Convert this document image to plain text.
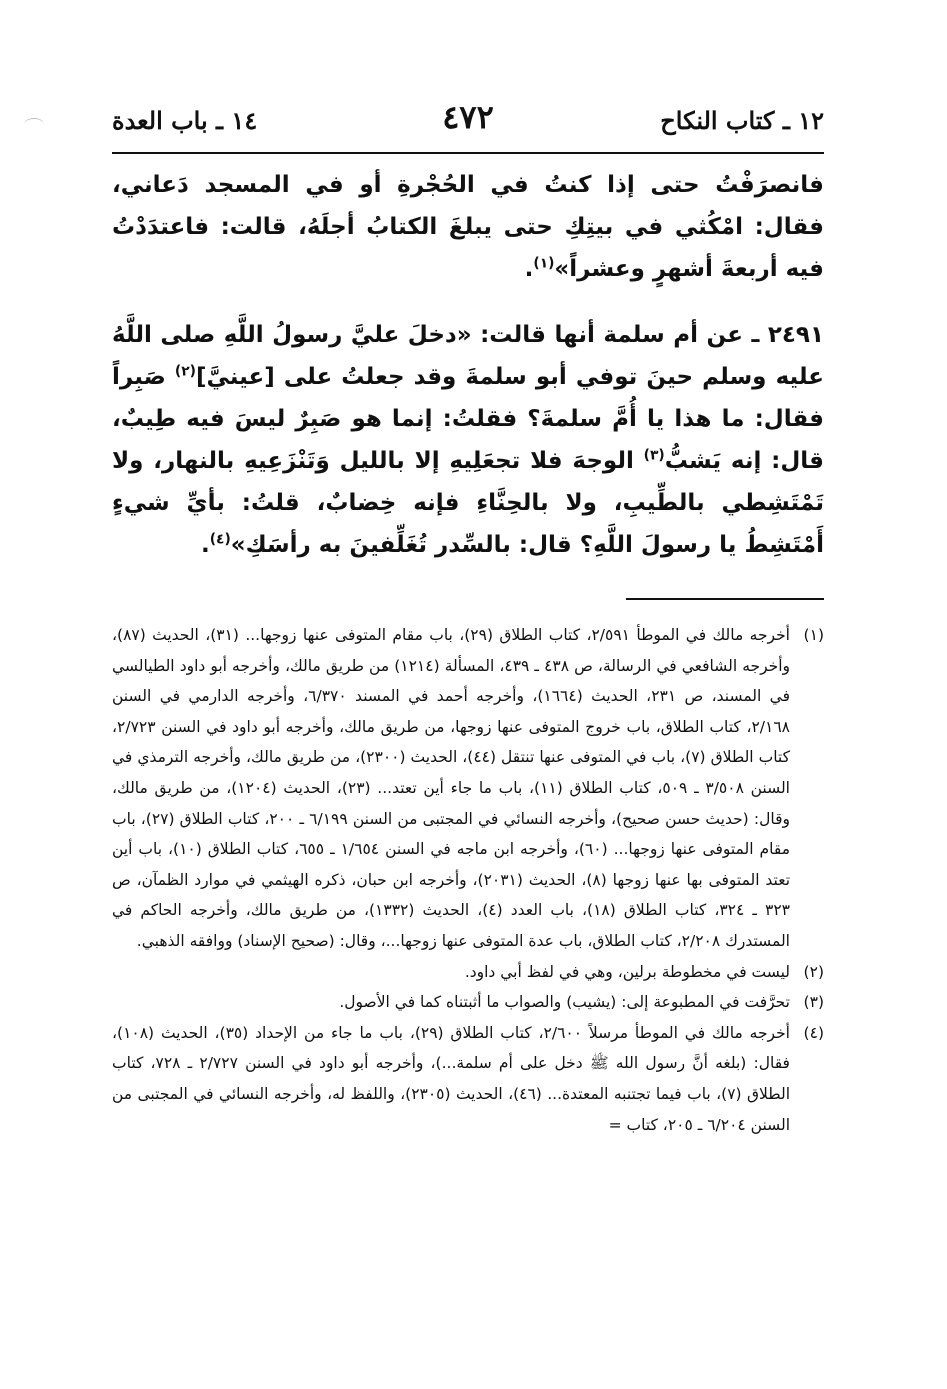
١٢ ـ كتاب النكاح
٤٧٢
١٤ ـ باب العدة

فانصرَفْتُ حتى إذا كنتُ في الحُجْرةِ أو في المسجد دَعاني، فقال: امْكُثي في بيتِكِ حتى يبلغَ الكتابُ أجلَهُ، قالت: فاعتدَدْتُ فيه أربعةَ أشهرٍ وعشراً»$^{(١)}$.

٢٤٩١ ـ عن أم سلمة أنها قالت: «دخلَ عليَّ رسولُ اللَّهِ صلى اللَّهُ عليه وسلم حينَ توفي أبو سلمةَ وقد جعلتُ على [عينيَّ]$^{(٢)}$ صَبِراً فقال: ما هذا يا أُمَّ سلمةَ؟ فقلتُ: إنما هو صَبِرٌ ليسَ فيه طِيبٌ، قال: إنه يَشبُّ$^{(٣)}$ الوجهَ فلا تجعَلِيهِ إلا بالليل وَتَنْزَعِيهِ بالنهار، ولا تَمْتَشِطي بالطِّيبِ، ولا بالحِنَّاءِ فإنه خِضابٌ، قلتُ: بأيِّ شيءٍ أَمْتَشِطُ يا رسولَ اللَّهِ؟ قال: بالسِّدر تُغَلِّفينَ به رأسَكِ»$^{(٤)}$.

(١)
أخرجه مالك في الموطأ ٢/٥٩١، كتاب الطلاق (٢٩)، باب مقام المتوفى عنها زوجها... (٣١)، الحديث (٨٧)، وأخرجه الشافعي في الرسالة، ص ٤٣٨ ـ ٤٣٩، المسألة (١٢١٤) من طريق مالك، وأخرجه أبو داود الطيالسي في المسند، ص ٢٣١، الحديث (١٦٦٤)، وأخرجه أحمد في المسند ٦/٣٧٠، وأخرجه الدارمي في السنن ٢/١٦٨، كتاب الطلاق، باب خروج المتوفى عنها زوجها، من طريق مالك، وأخرجه أبو داود في السنن ٢/٧٢٣، كتاب الطلاق (٧)، باب في المتوفى عنها تنتقل (٤٤)، الحديث (٢٣٠٠)، من طريق مالك، وأخرجه الترمذي في السنن ٣/٥٠٨ ـ ٥٠٩، كتاب الطلاق (١١)، باب ما جاء أين تعتد... (٢٣)، الحديث (١٢٠٤)، من طريق مالك، وقال: (حديث حسن صحيح)، وأخرجه النسائي في المجتبى من السنن ٦/١٩٩ ـ ٢٠٠، كتاب الطلاق (٢٧)، باب مقام المتوفى عنها زوجها... (٦٠)، وأخرجه ابن ماجه في السنن ١/٦٥٤ ـ ٦٥٥، كتاب الطلاق (١٠)، باب أين تعتد المتوفى بها عنها زوجها (٨)، الحديث (٢٠٣١)، وأخرجه ابن حبان، ذكره الهيثمي في موارد الظمآن، ص ٣٢٣ ـ ٣٢٤، كتاب الطلاق (١٨)، باب العدد (٤)، الحديث (١٣٣٢)، من طريق مالك، وأخرجه الحاكم في المستدرك ٢/٢٠٨، كتاب الطلاق، باب عدة المتوفى عنها زوجها...، وقال: (صحيح الإسناد) ووافقه الذهبي.
(٢)
ليست في مخطوطة برلين، وهي في لفظ أبي داود.
(٣)
تحرَّفت في المطبوعة إلى: (يشيب) والصواب ما أثبتناه كما في الأصول.
(٤)
أخرجه مالك في الموطأ مرسلاً ٢/٦٠٠، كتاب الطلاق (٢٩)، باب ما جاء من الإحداد (٣٥)، الحديث (١٠٨)، فقال: (بلغه أنَّ رسول الله ﷺ دخل على أم سلمة...)، وأخرجه أبو داود في السنن ٢/٧٢٧ ـ ٧٢٨، كتاب الطلاق (٧)، باب فيما تجتنبه المعتدة... (٤٦)، الحديث (٢٣٠٥)، واللفظ له، وأخرجه النسائي في المجتبى من السنن ٦/٢٠٤ ـ ٢٠٥، كتاب =
